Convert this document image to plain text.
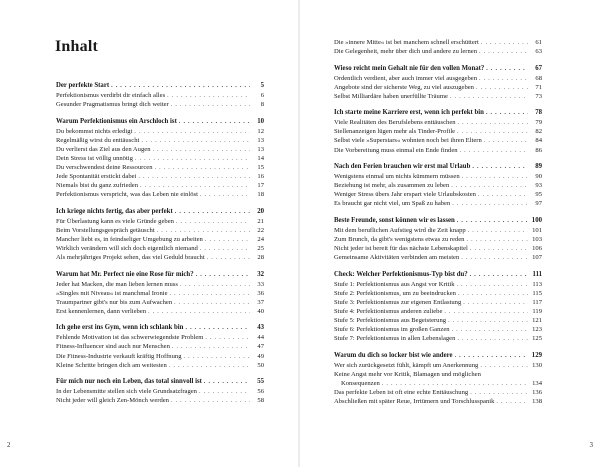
Inhalt
Der perfekte Start . . .	5
Perfektionismus verdirbt dir einfach alles . . .	6
Gesunder Pragmatismus bringt dich weiter . . .	8
Warum Perfektionismus ein Arschloch ist . . .	10
Du bekommst nichts erledigt . . .	12
Regelmäßig wirst du enttäuscht . . .	13
Du verlierst das Ziel aus den Augen . . .	13
Dein Stress ist völlig unnötig . . .	14
Du verschwendest deine Ressourcen . . .	15
Jede Spontanität erstickt dabei . . .	16
Niemals bist du ganz zufrieden . . .	17
Perfektionismus verspricht, was das Leben nie einlöst . . .	18
Ich kriege nichts fertig, das aber perfekt . . .	20
Für Überlastung kann es viele Gründe geben . . .	21
Beim Vorstellungsgespräch getäuscht . . .	22
Mancher liebt es, in feindseliger Umgebung zu arbeiten . . .	24
Wirklich verändern will sich doch eigentlich niemand . . .	25
Als mehrjähriges Projekt sehen, das viel Geduld braucht . . .	28
Warum hat Mr. Perfect nie eine Rose für mich? . . .	32
Jeder hat Macken, die man lieben lernen muss . . .	33
»Singles mit Niveau« ist manchmal Ironie . . .	36
Traumpartner gibt's nur bis zum Aufwachen . . .	37
Erst kennenlernen, dann verlieben . . .	40
Ich gehe erst ins Gym, wenn ich schlank bin . . .	43
Fehlende Motivation ist das schwerwiegendste Problem . . .	44
Fitness-Influencer sind auch nur Menschen . . .	47
Die Fitness-Industrie verkauft kräftig Hoffnung . . .	49
Kleine Schritte bringen dich am weitesten . . .	50
Für mich nur noch ein Leben, das total sinnvoll ist . . .	55
In der Lebensmitte stellen sich viele Grundsatzfragen . . .	56
Nicht jeder will gleich Zen-Mönch werden . . .	58
2
Die »innere Mitte« ist bei manchem schnell erschüttert . . .	61
Die Gelegenheit, mehr über dich und andere zu lernen . . .	63
Wieso reicht mein Gehalt nie für den vollen Monat? . . .	67
Ordentlich verdient, aber auch immer viel ausgegeben . . .	68
Angebote sind der sicherste Weg, zu viel auszugeben . . .	71
Selbst Milliardäre haben unerfüllte Träume . . .	73
Ich starte meine Karriere erst, wenn ich perfekt bin . . .	78
Viele Realitäten des Berufslebens enttäuschen . . .	79
Stellenanzeigen lügen mehr als Tinder-Profile . . .	82
Selbst viele »Superstars« wohnten noch bei ihren Eltern . . .	84
Die Vorbereitung muss einmal ein Ende finden . . .	86
Nach den Ferien brauchen wir erst mal Urlaub . . .	89
Wenigstens einmal um nichts kümmern müssen . . .	90
Beziehung ist mehr, als zusammen zu leben . . .	93
Weniger Stress übers Jahr erspart viele Urlaubskosten . . .	95
Es braucht gar nicht viel, um Spaß zu haben . . .	97
Beste Freunde, sonst können wir es lassen . . .	100
Mit dem beruflichen Aufstieg wird die Zeit knapp . . .	101
Zum Brunch, da gibt's wenigstens etwas zu reden . . .	103
Nicht jeder ist bereit für das nächste Lebenskapitel . . .	106
Gemeinsame Aktivitäten verbinden am meisten . . .	107
Check: Welcher Perfektionismus-Typ bist du? . . .	111
Stufe 1: Perfektionismus aus Angst vor Kritik . . .	113
Stufe 2: Perfektionismus, um zu beeindrucken . . .	115
Stufe 3: Perfektionismus zur eigenen Entlastung . . .	117
Stufe 4: Perfektionismus anderen zuliebe . . .	119
Stufe 5: Perfektionismus aus Begeisterung . . .	121
Stufe 6: Perfektionismus im großen Ganzen . . .	123
Stufe 7: Perfektionismus in allen Lebenslagen . . .	125
Warum du dich so locker bist wie andere . . .	129
Wer sich zurückgesetzt fühlt, kämpft um Anerkennung . . .	130
Keine Angst mehr vor Kritik, Blamagen und möglichen
Konsequenzen . . .	134
Das perfekte Leben ist oft eine echte Enttäuschung . . .	136
Abschließen mit später Reue, Irrtümern und Torschlusspanik . . .	138
3
